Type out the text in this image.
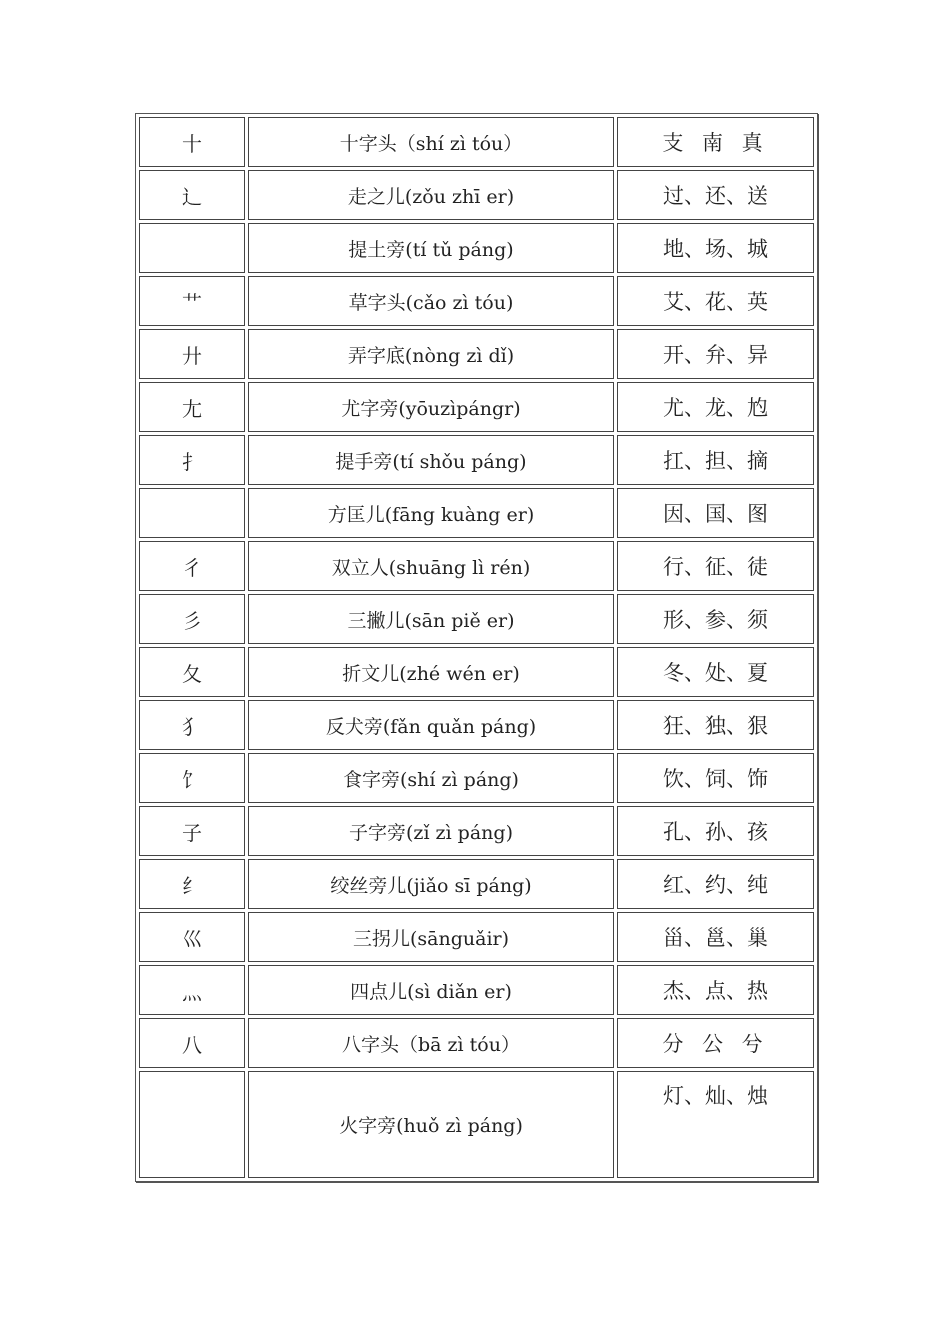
十	十字头（shí zì tóu）	支 南 真
辶	走之儿(zǒu zhī er)	过、还、送
	提土旁(tí tǔ páng)	地、场、城
艹	草字头(cǎo zì tóu)	艾、花、英
廾	弄字底(nòng zì dǐ)	开、弁、异
尢	尤字旁(yōuzìpángr)	尤、龙、尥
扌	提手旁(tí shǒu páng)	扛、担、摘
	方匡儿(fāng kuàng er)	因、国、图
彳	双立人(shuāng lì rén)	行、征、徒
彡	三撇儿(sān piě er)	形、参、须
夂	折文儿(zhé wén er)	冬、处、夏
犭	反犬旁(fǎn quǎn páng)	狂、独、狠
饣	食字旁(shí zì páng)	饮、饲、饰
子	子字旁(zǐ zì páng)	孔、孙、孩
纟	绞丝旁儿(jiǎo sī páng)	红、约、纯
巛	三拐儿(sānguǎir)	甾、邕、巢
灬	四点儿(sì diǎn er)	杰、点、热
八	八字头（bā zì tóu）	分 公 兮
	火字旁(huǒ zì páng)	灯、灿、烛
